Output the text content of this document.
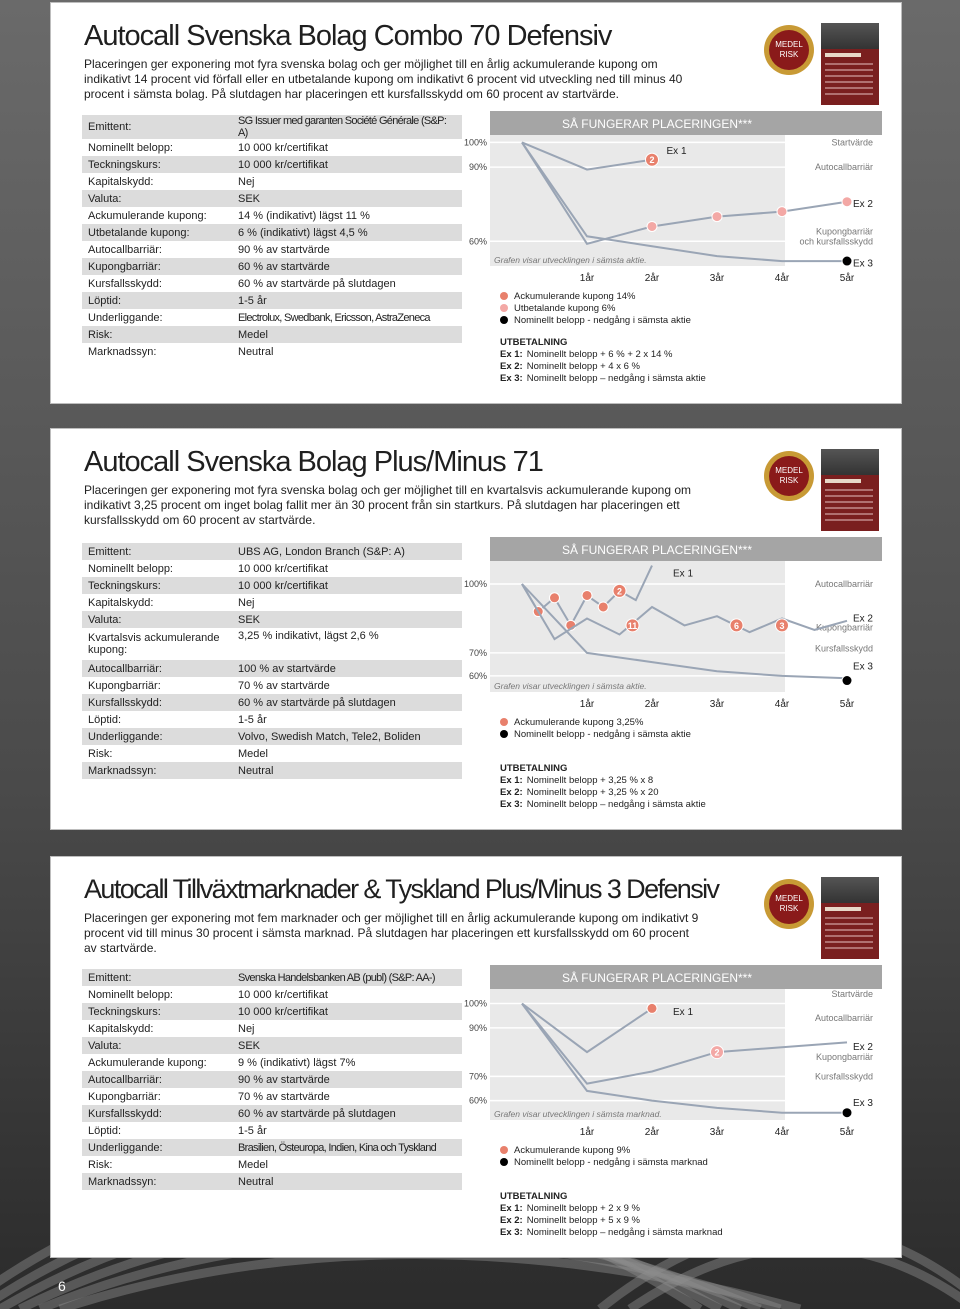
Autocall Svenska Bolag Combo 70 Defensiv

Placeringen ger exponering mot fyra svenska bolag och ger möjlighet till en årlig ackumulerande kupong om indikativt 14 procent vid förfall eller en utbetalande kupong om indikativt 6 procent vid utveckling ned till minus 40 procent i sämsta bolag. På slutdagen har placeringen ett kursfallsskydd om 60 procent av startvärde.

MEDEL
RISK
Emittent:	SG Issuer med garanten Société Générale (S&P: A)
Nominellt belopp:	10 000 kr/certifikat
Teckningskurs:	10 000 kr/certifikat
Kapitalskydd:	Nej
Valuta:	SEK
Ackumulerande kupong:	14 % (indikativt) lägst 11 %
Utbetalande kupong:	6 % (indikativt) lägst 4,5 %
Autocallbarriär:	90 % av startvärde
Kupongbarriär:	60 % av startvärde
Kursfallsskydd:	60 % av startvärde på slutdagen
Löptid:	1-5 år
Underliggande:	Electrolux, Swedbank, Ericsson, AstraZeneca
Risk:	Medel
Marknadssyn:	Neutral
SÅ FUNGERAR PLACERINGEN***
100%
90%
60%
1år	2år	3år	4år	5år
Startvärde
Autocallbarriär
Ex 2
Kupongbarriär
och kursfallsskydd
Ex 3
Grafen visar utvecklingen i sämsta aktie.
2
Ex 1
Ackumulerande kupong 14%
Utbetalande kupong 6%
Nominellt belopp - nedgång i sämsta aktie
UTBETALNING
Ex 1: Nominellt belopp + 6 % + 2 x 14 %
Ex 2: Nominellt belopp + 4 x 6 %
Ex 3: Nominellt belopp – nedgång i sämsta aktie
Autocall Svenska Bolag Plus/Minus 71

Placeringen ger exponering mot fyra svenska bolag och ger möjlighet till en kvartalsvis ackumulerande kupong om indikativt 3,25 procent om inget bolag fallit mer än 30 procent från sin startkurs. På slutdagen har placeringen ett kursfallsskydd om 60 procent av startvärde.

MEDEL
RISK
Emittent:	UBS AG, London Branch (S&P: A)
Nominellt belopp:	10 000 kr/certifikat
Teckningskurs:	10 000 kr/certifikat
Kapitalskydd:	Nej
Valuta:	SEK
Kvartalsvis ackumulerande kupong:	3,25 % indikativt, lägst 2,6 %
Autocallbarriär:	100 % av startvärde
Kupongbarriär:	70 % av startvärde
Kursfallsskydd:	60 % av startvärde på slutdagen
Löptid:	1-5 år
Underliggande:	Volvo, Swedish Match, Tele2, Boliden
Risk:	Medel
Marknadssyn:	Neutral
SÅ FUNGERAR PLACERINGEN***
100%
70%
60%
1år	2år	3år	4år	5år
Autocallbarriär
Ex 2
Kupongbarriär
Kursfallsskydd
Ex 3
Grafen visar utvecklingen i sämsta aktie.
2
11	6	3
Ex 1
Ackumulerande kupong 3,25%
Nominellt belopp - nedgång i sämsta aktie
UTBETALNING
Ex 1: Nominellt belopp + 3,25 % x 8
Ex 2: Nominellt belopp + 3,25 % x 20
Ex 3: Nominellt belopp – nedgång i sämsta aktie
Autocall Tillväxtmarknader & Tyskland Plus/Minus 3 Defensiv

Placeringen ger exponering mot fem marknader och ger möjlighet till en årlig ackumulerande kupong om indikativt 9 procent vid till minus 30 procent i sämsta marknad. På slutdagen har placeringen ett kursfallsskydd om 60 procent av startvärde.

MEDEL
RISK
Emittent:	Svenska Handelsbanken AB (publ) (S&P: AA-)
Nominellt belopp:	10 000 kr/certifikat
Teckningskurs:	10 000 kr/certifikat
Kapitalskydd:	Nej
Valuta:	SEK
Ackumulerande kupong:	9 % (indikativt) lägst 7%
Autocallbarriär:	90 % av startvärde
Kupongbarriär:	70 % av startvärde
Kursfallsskydd:	60 % av startvärde på slutdagen
Löptid:	1-5 år
Underliggande:	Brasilien, Östeuropa, Indien, Kina och Tyskland
Risk:	Medel
Marknadssyn:	Neutral
SÅ FUNGERAR PLACERINGEN***
100%
90%
70%
60%
1år	2år	3år	4år	5år
Startvärde
Autocallbarriär
Ex 2
Kupongbarriär
Kursfallsskydd
Ex 3
Grafen visar utvecklingen i sämsta marknad.
2
Ex 1
Ackumulerande kupong 9%
Nominellt belopp - nedgång i sämsta marknad
UTBETALNING
Ex 1: Nominellt belopp + 2 x 9 %
Ex 2: Nominellt belopp + 5 x 9 %
Ex 3: Nominellt belopp – nedgång i sämsta marknad
6
